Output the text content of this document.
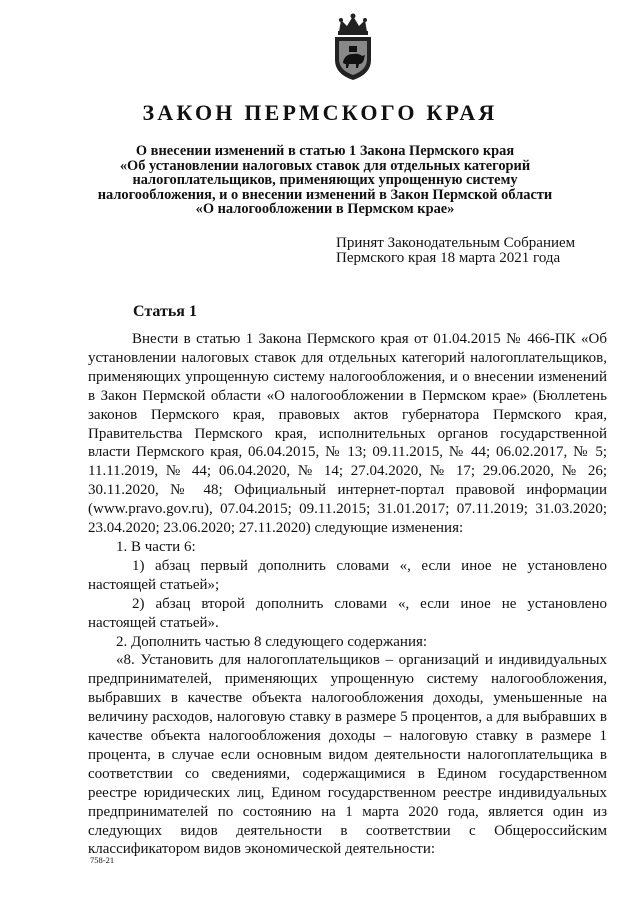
ЗАКОН ПЕРМСКОГО КРАЯ
О внесении изменений в статью 1 Закона Пермского края
«Об установлении налоговых ставок для отдельных категорий
налогоплательщиков, применяющих упрощенную систему
налогообложения, и о внесении изменений в Закон Пермской области
«О налогообложении в Пермском крае»
Принят Законодательным Собранием
Пермского края 18 марта 2021 года
Статья 1

Внести в статью 1 Закона Пермского края от 01.04.2015 № 466-ПК «Об установлении налоговых ставок для отдельных категорий налогоплательщиков, применяющих упрощенную систему налогообложения, и о внесении изменений в Закон Пермской области «О налогообложении в Пермском крае» (Бюллетень законов Пермского края, правовых актов губернатора Пермского края, Правительства Пермского края, исполнительных органов государственной власти Пермского края, 06.04.2015, № 13; 09.11.2015, № 44; 06.02.2017, № 5; 11.11.2019, № 44; 06.04.2020, № 14; 27.04.2020, № 17; 29.06.2020, № 26; 30.11.2020, № 48; Официальный интернет-портал правовой информации (www.pravo.gov.ru), 07.04.2015; 09.11.2015; 31.01.2017; 07.11.2019; 31.03.2020; 23.04.2020; 23.06.2020; 27.11.2020) следующие изменения:

1. В части 6:

1) абзац первый дополнить словами «, если иное не установлено настоящей статьей»;

2) абзац второй дополнить словами «, если иное не установлено настоящей статьей».

2. Дополнить частью 8 следующего содержания:

«8. Установить для налогоплательщиков – организаций и индивидуальных предпринимателей, применяющих упрощенную систему налогообложения, выбравших в качестве объекта налогообложения доходы, уменьшенные на величину расходов, налоговую ставку в размере 5 процентов, а для выбравших в качестве объекта налогообложения доходы – налоговую ставку в размере 1 процента, в случае если основным видом деятельности налогоплательщика в соответствии со сведениями, содержащимися в Едином государственном реестре юридических лиц, Едином государственном реестре индивидуальных предпринимателей по состоянию на 1 марта 2020 года, является один из следующих видов деятельности в соответствии с Общероссийским классификатором видов экономической деятельности:

758-21
